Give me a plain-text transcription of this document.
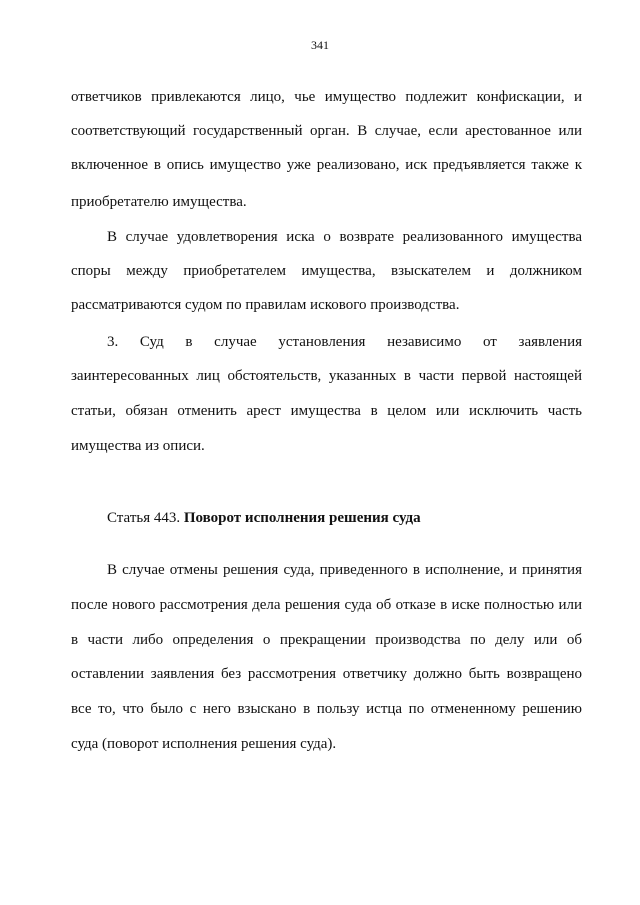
341
ответчиков привлекаются лицо, чье имущество подлежит конфискации, и
соответствующий государственный орган. В случае, если арестованное или
включенное в опись имущество уже реализовано, иск предъявляется также к
приобретателю имущества.
В случае удовлетворения иска о возврате реализованного имущества
споры между приобретателем имущества, взыскателем и должником
рассматриваются судом по правилам искового производства.
3. Суд в случае установления независимо от заявления
заинтересованных лиц обстоятельств, указанных в части первой настоящей
статьи, обязан отменить арест имущества в целом или исключить часть
имущества из описи.
Статья 443. Поворот исполнения решения суда
В случае отмены решения суда, приведенного в исполнение, и принятия
после нового рассмотрения дела решения суда об отказе в иске полностью или
в части либо определения о прекращении производства по делу или об
оставлении заявления без рассмотрения ответчику должно быть возвращено
все то, что было с него взыскано в пользу истца по отмененному решению
суда (поворот исполнения решения суда).
